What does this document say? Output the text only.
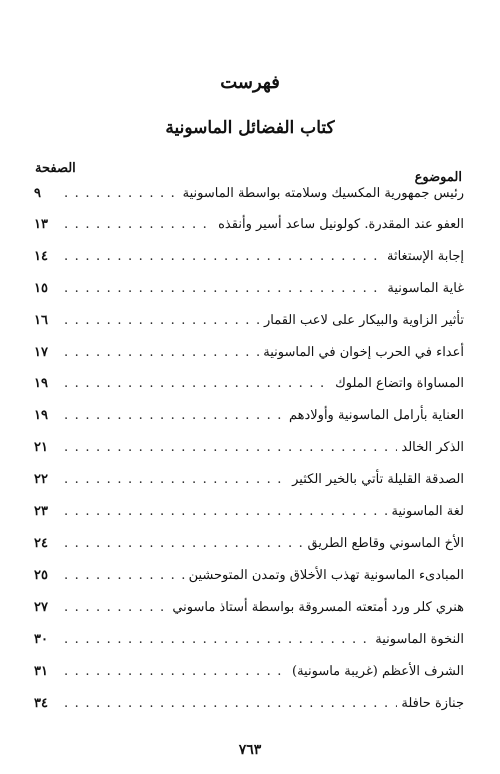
فهرست
كتاب الفضائل الماسونية
الموضوع
الصفحة
رئيس جمهورية المكسيك وسلامته بواسطة الماسونية
. . .
٩
العفو عند المقدرة. كولونيل ساعد أسير وأنقذه
. . .
١٣
إجابة الإستغاثة
. . .
١٤
غاية الماسونية
. . .
١٥
تأثير الزاوية والبيكار على لاعب القمار
. . .
١٦
أعداء في الحرب إخوان في الماسونية
. . .
١٧
المساواة واتضاع الملوك
. . .
١٩
العناية بأرامل الماسونية وأولادهم
. . .
١٩
الذكر الخالد
. . .
٢١
الصدقة القليلة تأتي بالخير الكثير
. . .
٢٢
لغة الماسونية
. . .
٢٣
الأخ الماسوني وقاطع الطريق
. . .
٢٤
المبادىء الماسونية تهذب الأخلاق وتمدن المتوحشين
. . .
٢٥
هنري كلر ورد أمتعته المسروقة بواسطة أستاذ ماسوني
. . .
٢٧
النخوة الماسونية
. . .
٣٠
الشرف الأعظم (غريبة ماسونية)
. . .
٣١
جنازة حافلة
. . .
٣٤
٧٦٣
